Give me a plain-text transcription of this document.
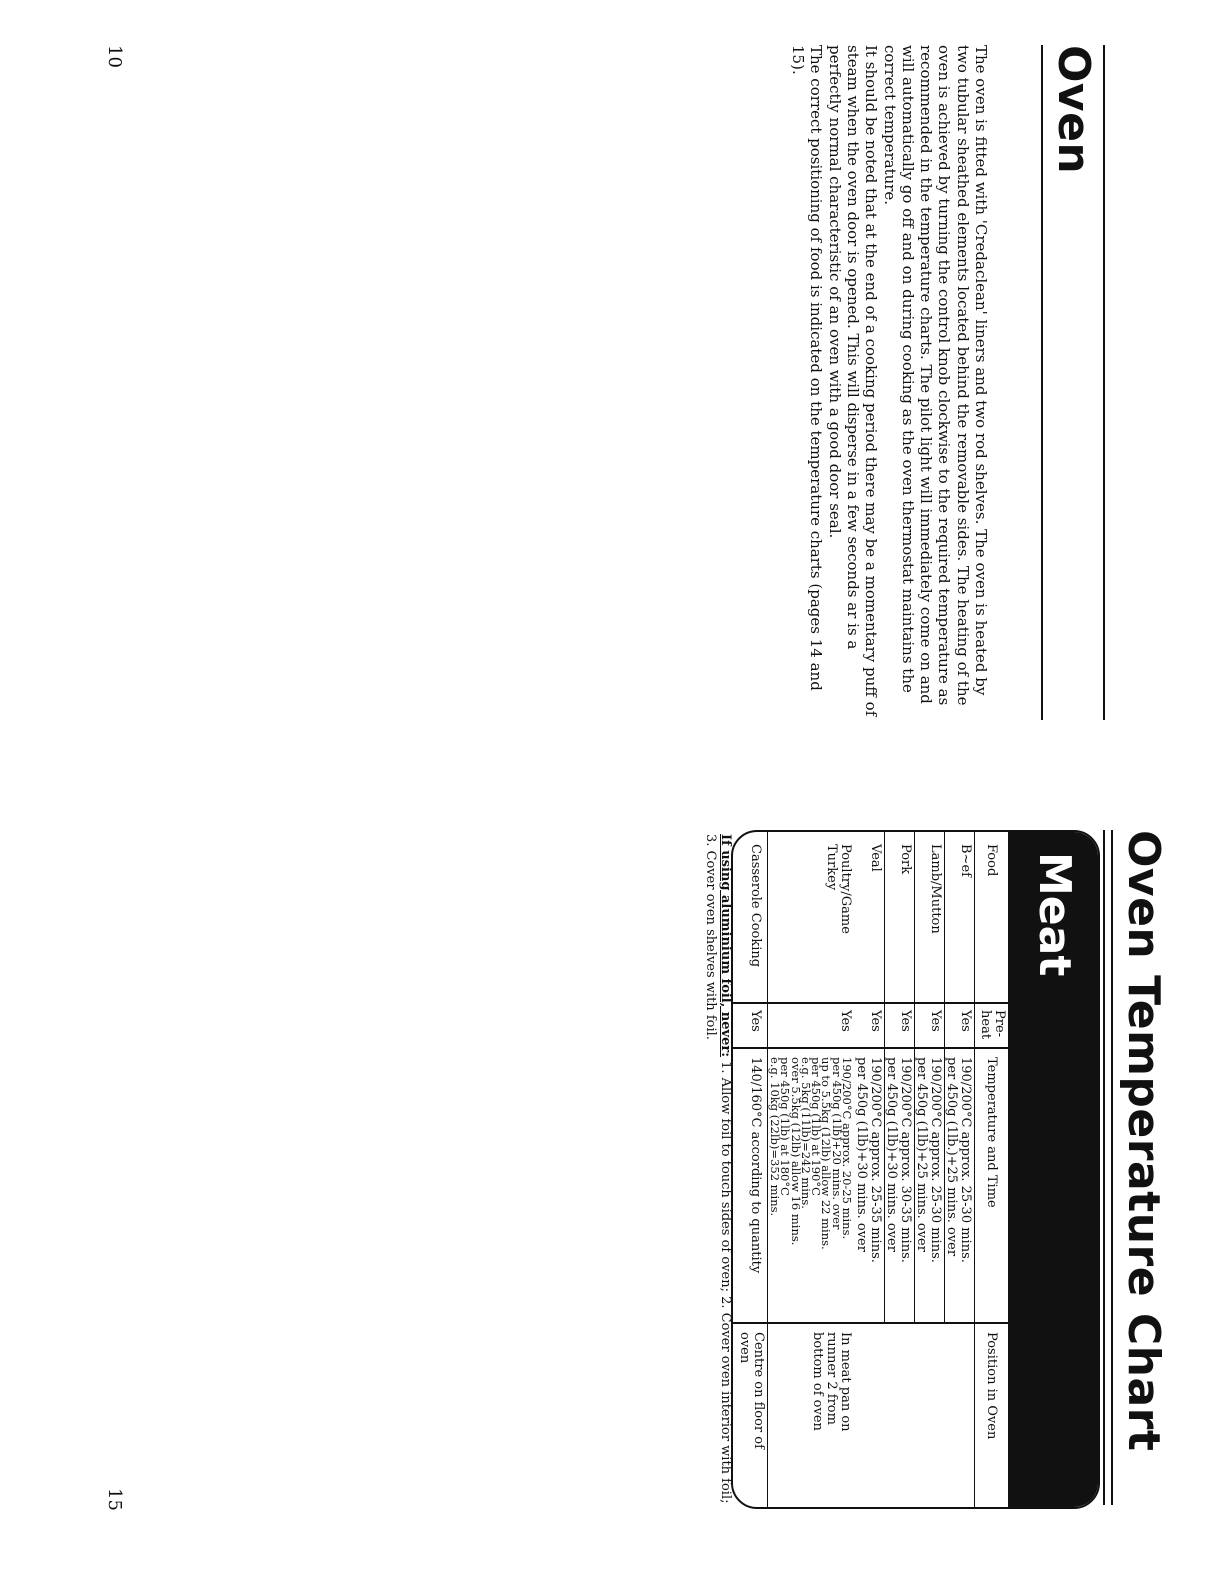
10	Oven

The oven is fitted with 'Credaclean' liners and two rod shelves. The oven is heated by two tubular sheathed elements located behind the removable sides. The heating of the oven is achieved by turning the control knob clockwise to the required temperature as recommended in the temperature charts. The pilot light will immediately come on and will automatically go off and on during cooking as the oven thermostat maintains the correct temperature.

It should be noted that at the end of a cooking period there may be a momentary puff of steam when the oven door is opened. This will disperse in a few seconds ar is a perfectly normal characteristic of an oven with a good door seal.

The correct positioning of food is indicated on the temperature charts (pages 14 and 15).

15
Oven Temperature Chart
Meat
Food
Pre-
heat
Temperature and Time
Position in Oven
B~ef
Yes
190/200°C approx. 25-30 mins.
per 450g (1lb.)+25 mins. over
Lamb/Mutton
Yes
190/200°C approx. 25-30 mins.
per 450g (1lb)+25 mins. over
Pork
Yes
190/200°C approx. 30-35 mins.
per 450g (1lb)+30 mins. over
Veal
Yes
190/200°C approx. 25-35 mins.
per 450g (1lb)+30 mins. over
Poultry/Game
Turkey
Yes
190/200°C approx. 20-25 mins.
per 450g (1lb)+20 mins. over
up to 5.5kg (12lb) allow 22 mins.
per 450g (1lb) at 190°C
e.g. 5kg (11lb)=242 mins.
over 5.5kg (12lb) allow 16 mins.
per 450g (1lb) at 180°C
e.g. 10kg (22lb)=352 mins.
In meat pan on
runner 2 from
bottom of oven
Casserole Cooking
Yes
140/160°C according to quantity
Centre on floor of
oven
If using aluminium foil, never: 1. Allow foil to touch sides of oven; 2. Cover oven interior with foil; 3. Cover oven shelves with foil.
